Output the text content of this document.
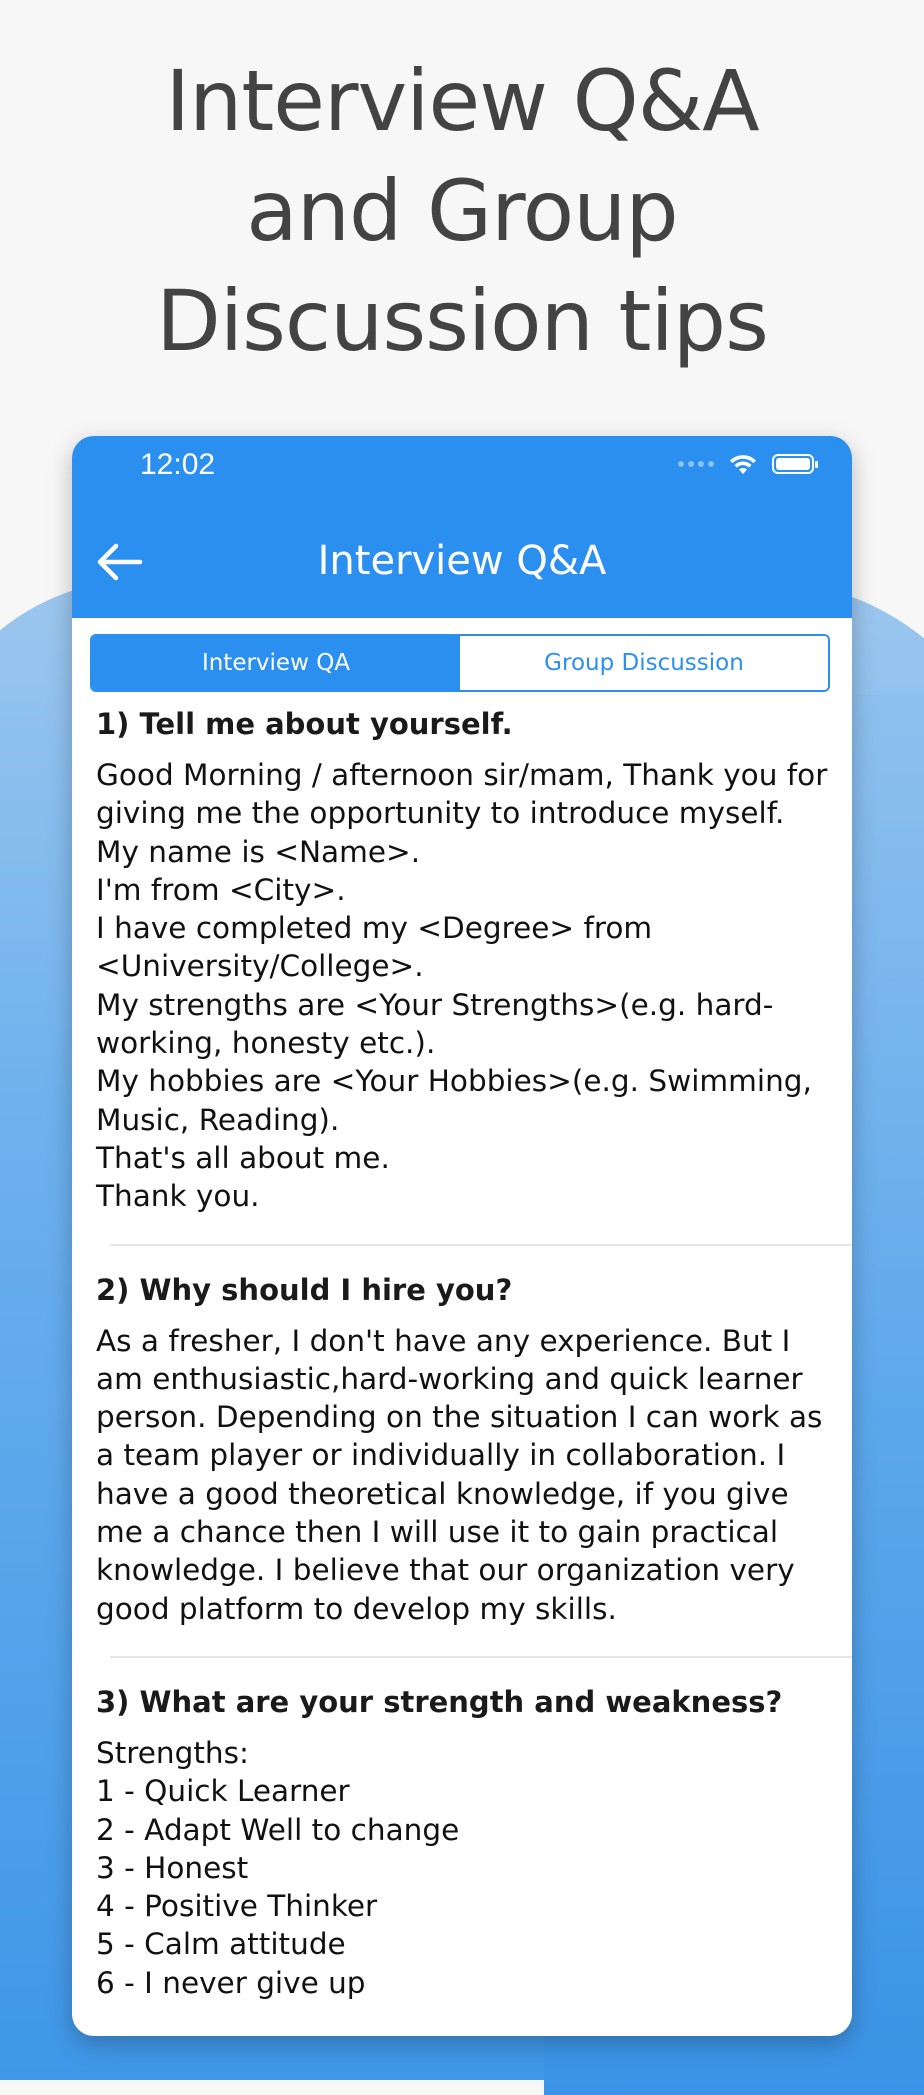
Interview Q&A
and Group
Discussion tips
12:02
Interview Q&A
Interview QA	Group Discussion

1) Tell me about yourself.

Good Morning / afternoon sir/mam, Thank you for giving me the opportunity to introduce myself.
My name is <Name>.
I'm from <City>.
I have completed my <Degree> from <University/College>.
My strengths are <Your Strengths>(e.g. hard-working, honesty etc.).
My hobbies are <Your Hobbies>(e.g. Swimming, Music, Reading).
That's all about me.
Thank you.

2) Why should I hire you?

As a fresher, I don't have any experience. But I am enthusiastic,hard-working and quick learner person. Depending on the situation I can work as a team player or individually in collaboration. I have a good theoretical knowledge, if you give me a chance then I will use it to gain practical knowledge. I believe that our organization very good platform to develop my skills.

3) What are your strength and weakness?

Strengths:
1 - Quick Learner
2 - Adapt Well to change
3 - Honest
4 - Positive Thinker
5 - Calm attitude
6 - I never give up
